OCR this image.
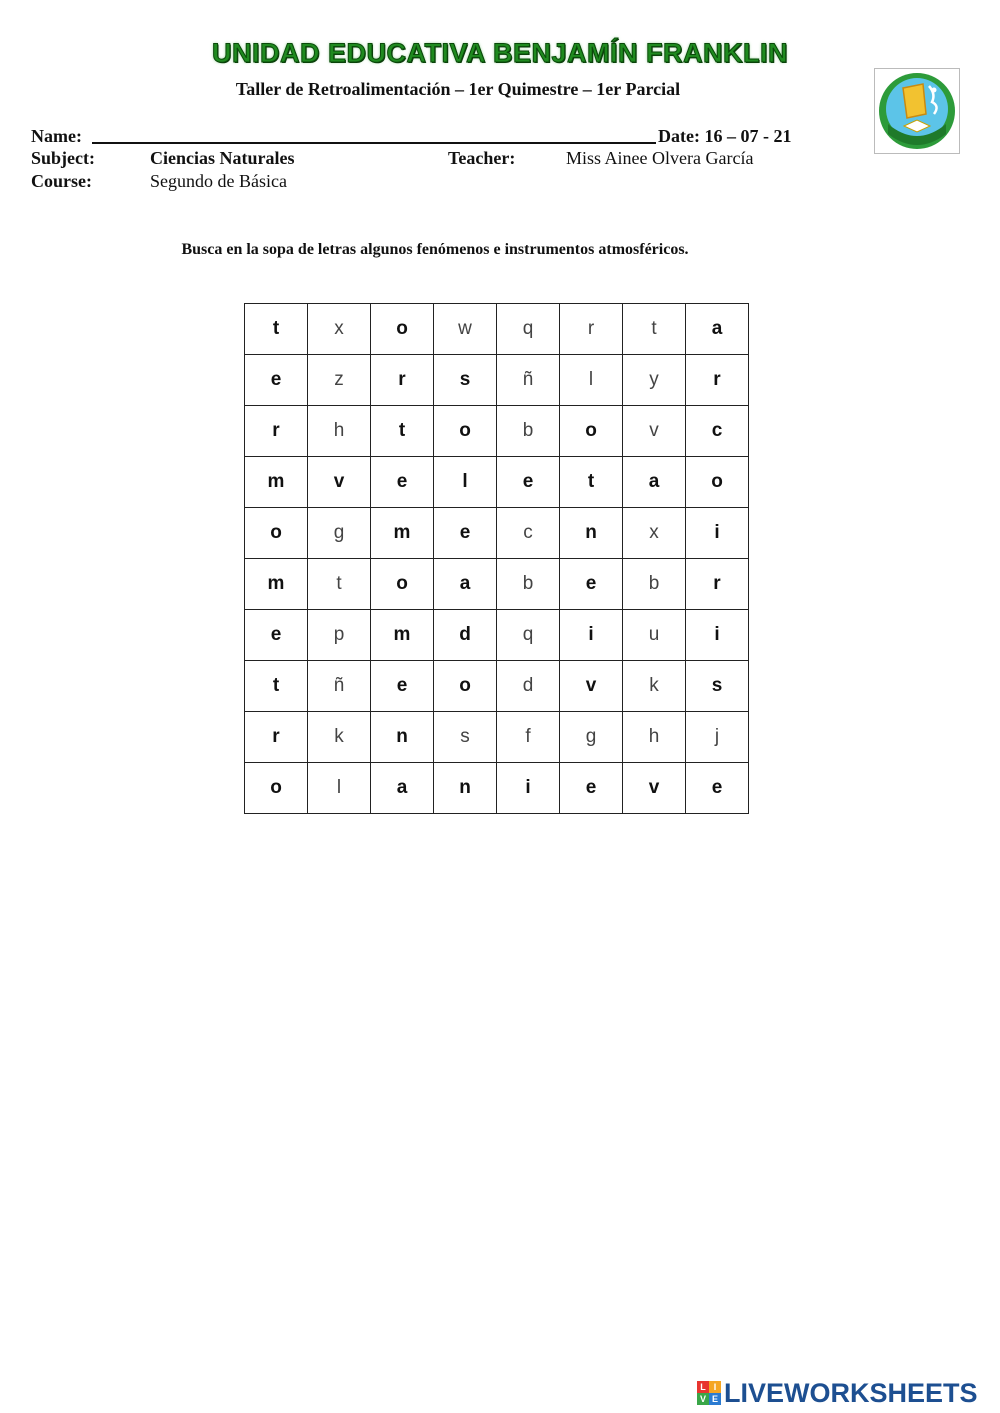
UNIDAD EDUCATIVA BENJAMÍN FRANKLIN
Taller de Retroalimentación – 1er Quimestre – 1er Parcial
Name:	Date: 16 – 07 - 21
Subject:	Ciencias Naturales	Teacher:	Miss Ainee Olvera García
Course:	Segundo de Básica
Busca en la sopa de letras algunos fenómenos e instrumentos atmosféricos.
t	x	o	w	q	r	t	a
e	z	r	s	ñ	l	y	r
r	h	t	o	b	o	v	c
m	v	e	l	e	t	a	o
o	g	m	e	c	n	x	i
m	t	o	a	b	e	b	r
e	p	m	d	q	i	u	i
t	ñ	e	o	d	v	k	s
r	k	n	s	f	g	h	j
o	l	a	n	i	e	v	e
L I
V E LIVEWORKSHEETS
